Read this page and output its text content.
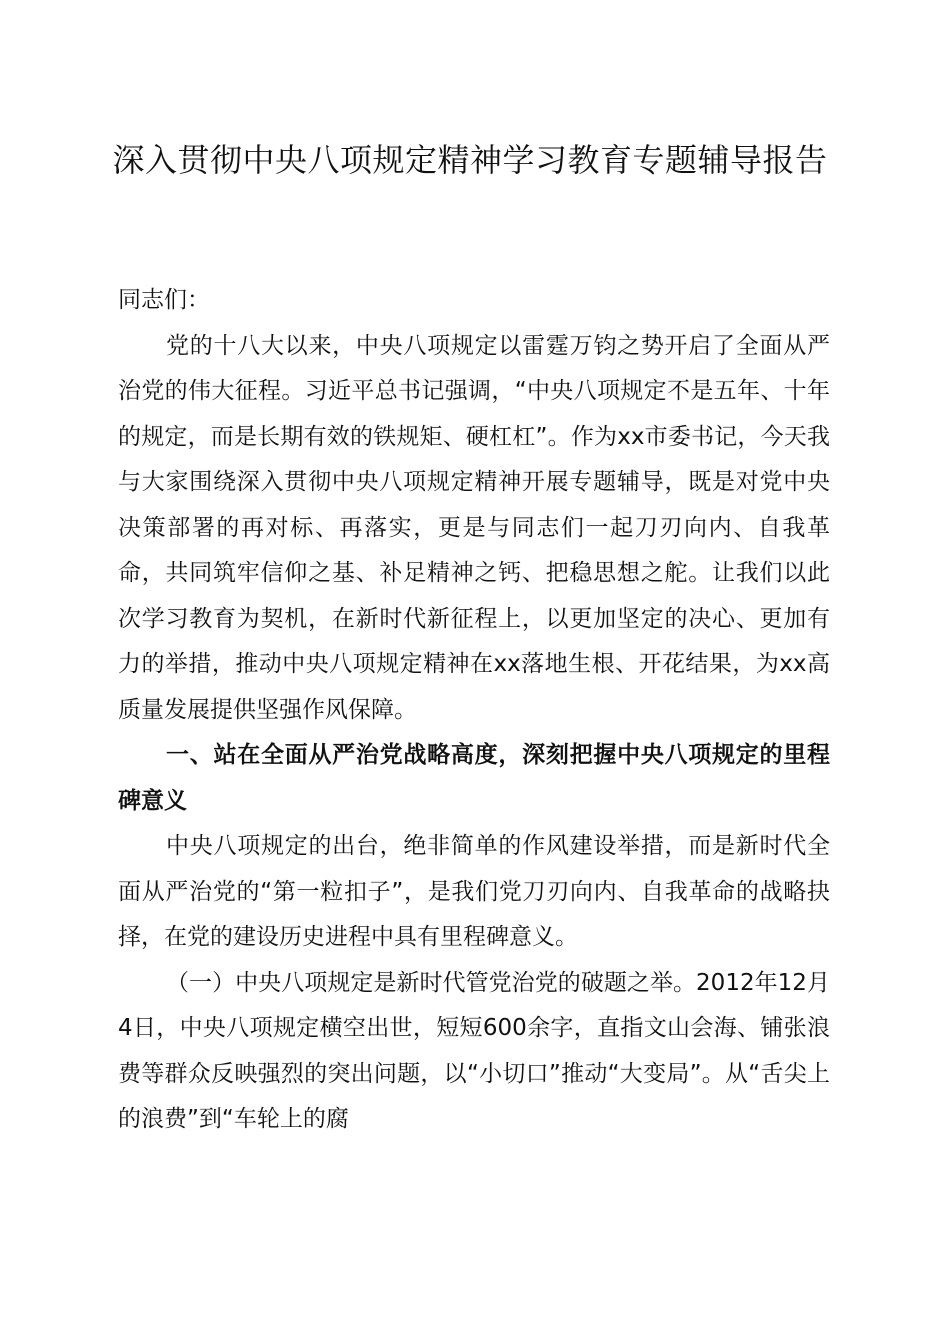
深入贯彻中央八项规定精神学习教育专题辅导报告

同志们：

党的十八大以来，中央八项规定以雷霆万钧之势开启了全面从严治党的伟大征程。习近平总书记强调，“中央八项规定不是五年、十年的规定，而是长期有效的铁规矩、硬杠杠”。作为xx市委书记，今天我与大家围绕深入贯彻中央八项规定精神开展专题辅导，既是对党中央决策部署的再对标、再落实，更是与同志们一起刀刃向内、自我革命，共同筑牢信仰之基、补足精神之钙、把稳思想之舵。让我们以此次学习教育为契机，在新时代新征程上，以更加坚定的决心、更加有力的举措，推动中央八项规定精神在xx落地生根、开花结果，为xx高质量发展提供坚强作风保障。

一、站在全面从严治党战略高度，深刻把握中央八项规定的里程碑意义

中央八项规定的出台，绝非简单的作风建设举措，而是新时代全面从严治党的“第一粒扣子”，是我们党刀刃向内、自我革命的战略抉择，在党的建设历史进程中具有里程碑意义。

（一）中央八项规定是新时代管党治党的破题之举。2012年12月4日，中央八项规定横空出世，短短600余字，直指文山会海、铺张浪费等群众反映强烈的突出问题，以“小切口”推动“大变局”。从“舌尖上的浪费”到“车轮上的腐
